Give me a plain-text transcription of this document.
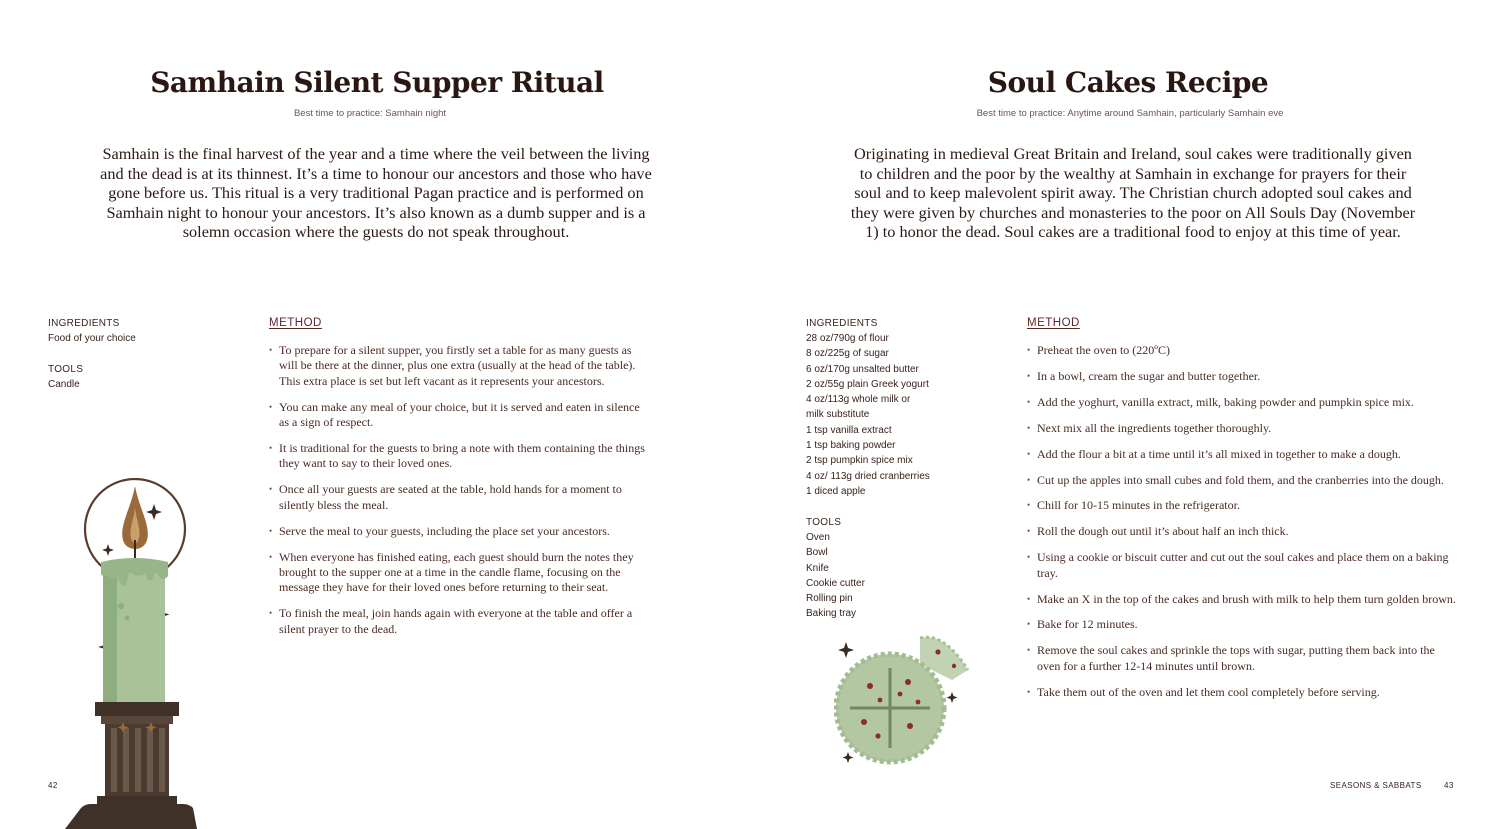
Samhain Silent Supper Ritual
Best time to practice: Samhain night
Samhain is the final harvest of the year and a time where the veil between the living and the dead is at its thinnest. It’s a time to honour our ancestors and those who have gone before us. This ritual is a very traditional Pagan practice and is performed on Samhain night to honour your ancestors. It’s also known as a dumb supper and is a solemn occasion where the guests do not speak throughout.
INGREDIENTS
Food of your choice
TOOLS
Candle
METHOD
• To prepare for a silent supper, you firstly set a table for as many guests as will be there at the dinner, plus one extra (usually at the head of the table). This extra place is set but left vacant as it represents your ancestors.
• You can make any meal of your choice, but it is served and eaten in silence as a sign of respect.
• It is traditional for the guests to bring a note with them containing the things they want to say to their loved ones.
• Once all your guests are seated at the table, hold hands for a moment to silently bless the meal.
• Serve the meal to your guests, including the place set your ancestors.
• When everyone has finished eating, each guest should burn the notes they brought to the supper one at a time in the candle flame, focusing on the message they have for their loved ones before returning to their seat.
• To finish the meal, join hands again with everyone at the table and offer a silent prayer to the dead.
42
Soul Cakes Recipe
Best time to practice: Anytime around Samhain, particularly Samhain eve
Originating in medieval Great Britain and Ireland, soul cakes were traditionally given to children and the poor by the wealthy at Samhain in exchange for prayers for their soul and to keep malevolent spirit away. The Christian church adopted soul cakes and they were given by churches and monasteries to the poor on All Souls Day (November 1) to honor the dead. Soul cakes are a traditional food to enjoy at this time of year.
INGREDIENTS
28 oz/790g of flour
8 oz/225g of sugar
6 oz/170g unsalted butter
2 oz/55g plain Greek yogurt
4 oz/113g whole milk or
milk substitute
1 tsp vanilla extract
1 tsp baking powder
2 tsp pumpkin spice mix
4 oz/ 113g dried cranberries
1 diced apple
TOOLS
Oven
Bowl
Knife
Cookie cutter
Rolling pin
Baking tray
METHOD
• Preheat the oven to (220ºC)
• In a bowl, cream the sugar and butter together.
• Add the yoghurt, vanilla extract, milk, baking powder and pumpkin spice mix.
• Next mix all the ingredients together thoroughly.
• Add the flour a bit at a time until it’s all mixed in together to make a dough.
• Cut up the apples into small cubes and fold them, and the cranberries into the dough.
• Chill for 10-15 minutes in the refrigerator.
• Roll the dough out until it’s about half an inch thick.
• Using a cookie or biscuit cutter and cut out the soul cakes and place them on a baking tray.
• Make an X in the top of the cakes and brush with milk to help them turn golden brown.
• Bake for 12 minutes.
• Remove the soul cakes and sprinkle the tops with sugar, putting them back into the oven for a further 12-14 minutes until brown.
• Take them out of the oven and let them cool completely before serving.
SEASONS & SABBATS	43
